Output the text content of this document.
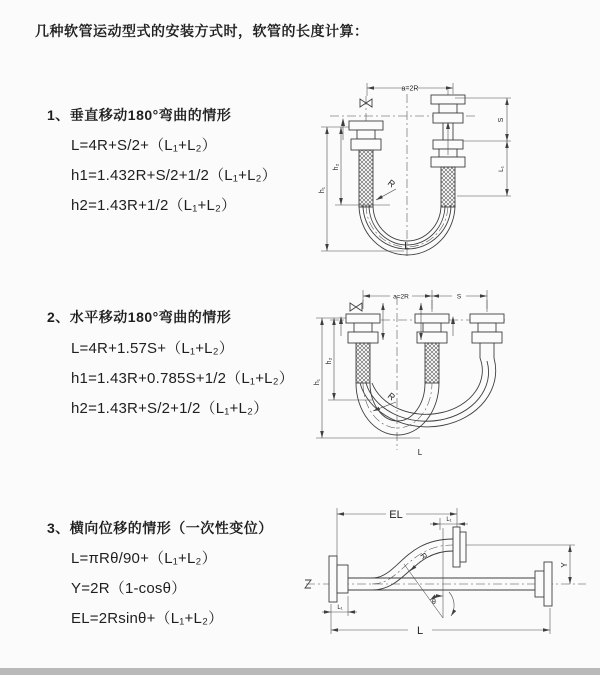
几种软管运动型式的安装方式时，软管的长度计算：
1、垂直移动180°弯曲的情形
L=4R+S/2+（L₁+L₂）
h1=1.432R+S/2+1/2（L₁+L₂）
h2=1.43R+1/2（L₁+L₂）
2、水平移动180°弯曲的情形
L=4R+1.57S+（L₁+L₂）
h1=1.43R+0.785S+1/2（L₁+L₂）
h2=1.43R+S/2+1/2（L₁+L₂）
3、横向位移的情形（一次性变位）
L=πRθ/90+（L₁+L₂）
Y=2R（1-cosθ）
EL=2Rsinθ+（L₁+L₂）
a=2R
S
L₁
h₁
h₂
R
L
a=2R	S
h₁
h₂
R
L
EL	L₁
Y
θ
R
L
L₁
